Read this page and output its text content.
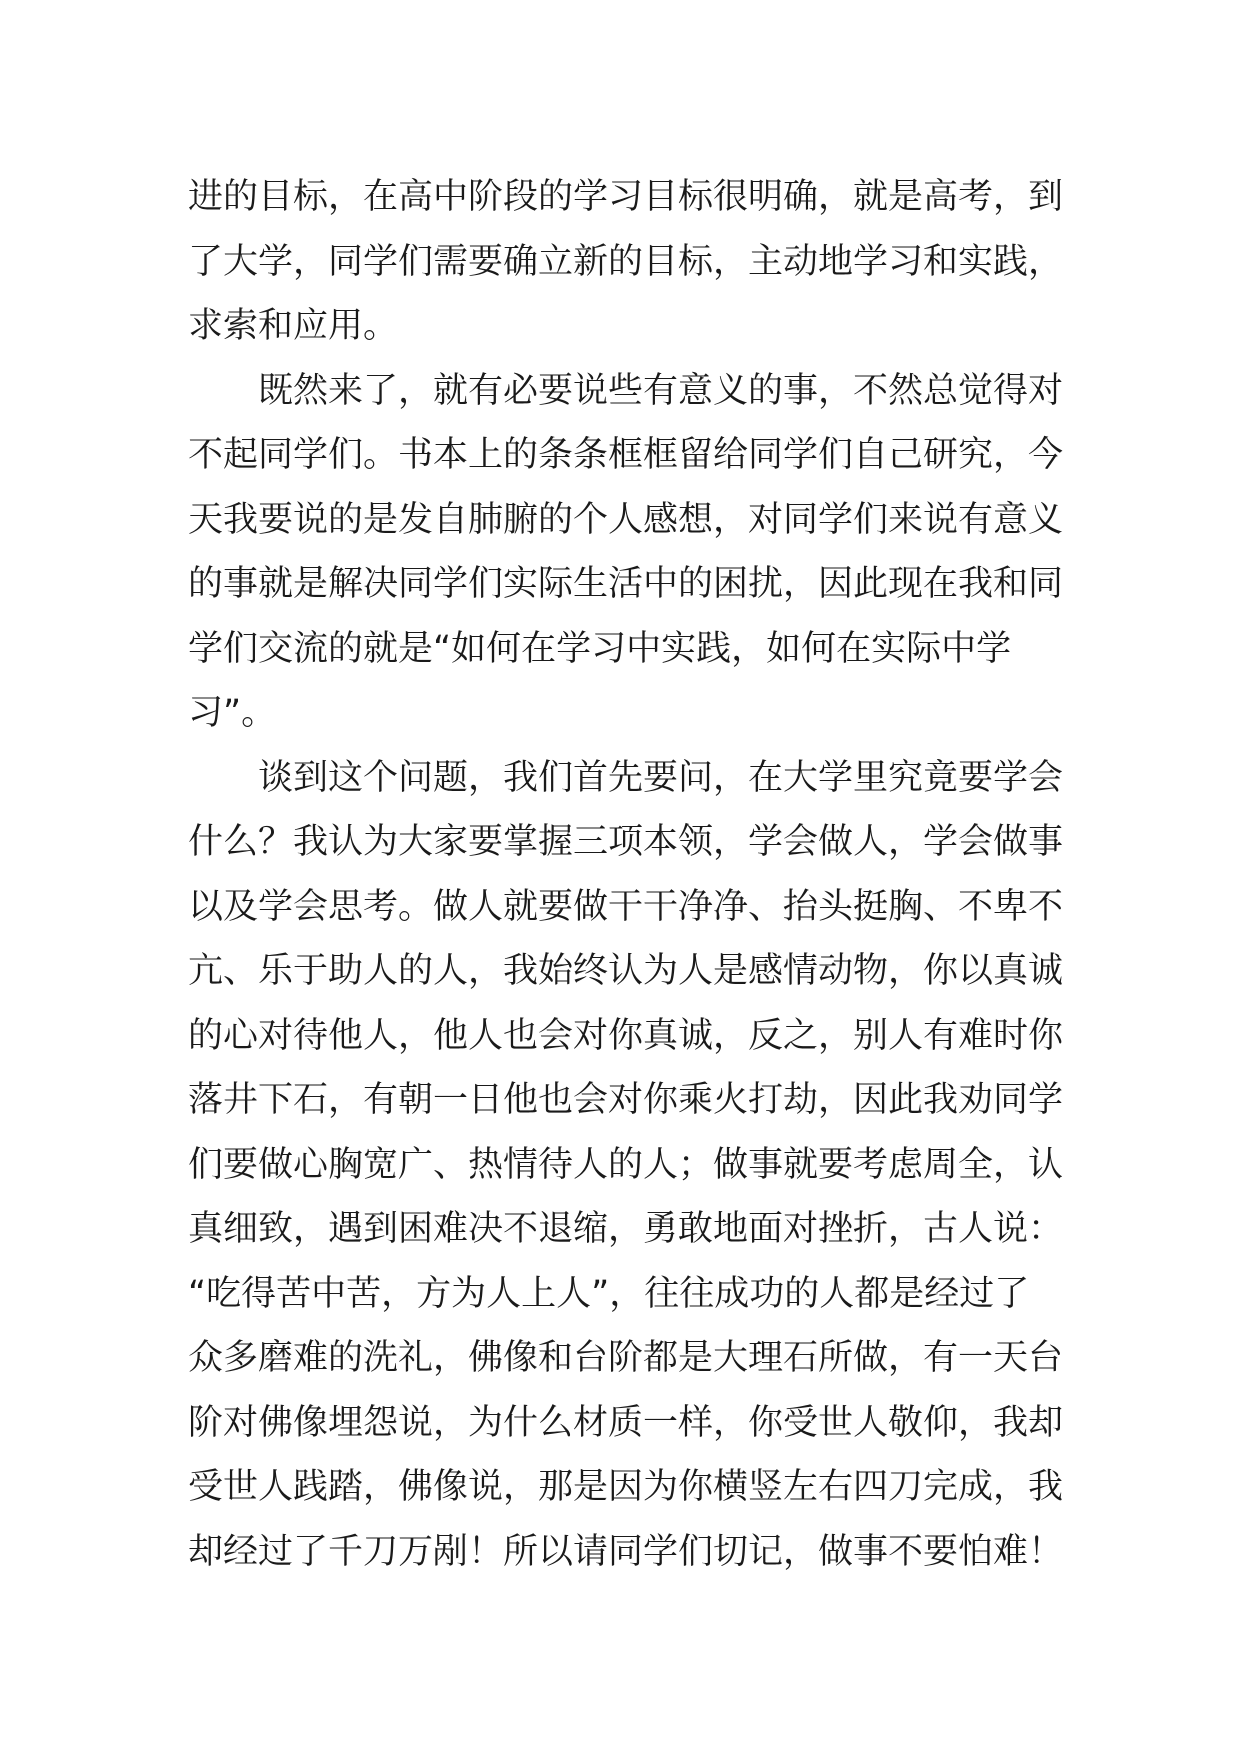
进的目标，在高中阶段的学习目标很明确，就是高考，到
了大学，同学们需要确立新的目标，主动地学习和实践，
求索和应用。
既然来了，就有必要说些有意义的事，不然总觉得对
不起同学们。书本上的条条框框留给同学们自己研究，今
天我要说的是发自肺腑的个人感想，对同学们来说有意义
的事就是解决同学们实际生活中的困扰，因此现在我和同
学们交流的就是“如何在学习中实践，如何在实际中学
习”。
谈到这个问题，我们首先要问，在大学里究竟要学会
什么？我认为大家要掌握三项本领，学会做人，学会做事
以及学会思考。做人就要做干干净净、抬头挺胸、不卑不
亢、乐于助人的人，我始终认为人是感情动物，你以真诚
的心对待他人，他人也会对你真诚，反之，别人有难时你
落井下石，有朝一日他也会对你乘火打劫，因此我劝同学
们要做心胸宽广、热情待人的人；做事就要考虑周全，认
真细致，遇到困难决不退缩，勇敢地面对挫折，古人说：
“吃得苦中苦，方为人上人”，往往成功的人都是经过了
众多磨难的洗礼，佛像和台阶都是大理石所做，有一天台
阶对佛像埋怨说，为什么材质一样，你受世人敬仰，我却
受世人践踏，佛像说，那是因为你横竖左右四刀完成，我
却经过了千刀万剐！所以请同学们切记，做事不要怕难！
